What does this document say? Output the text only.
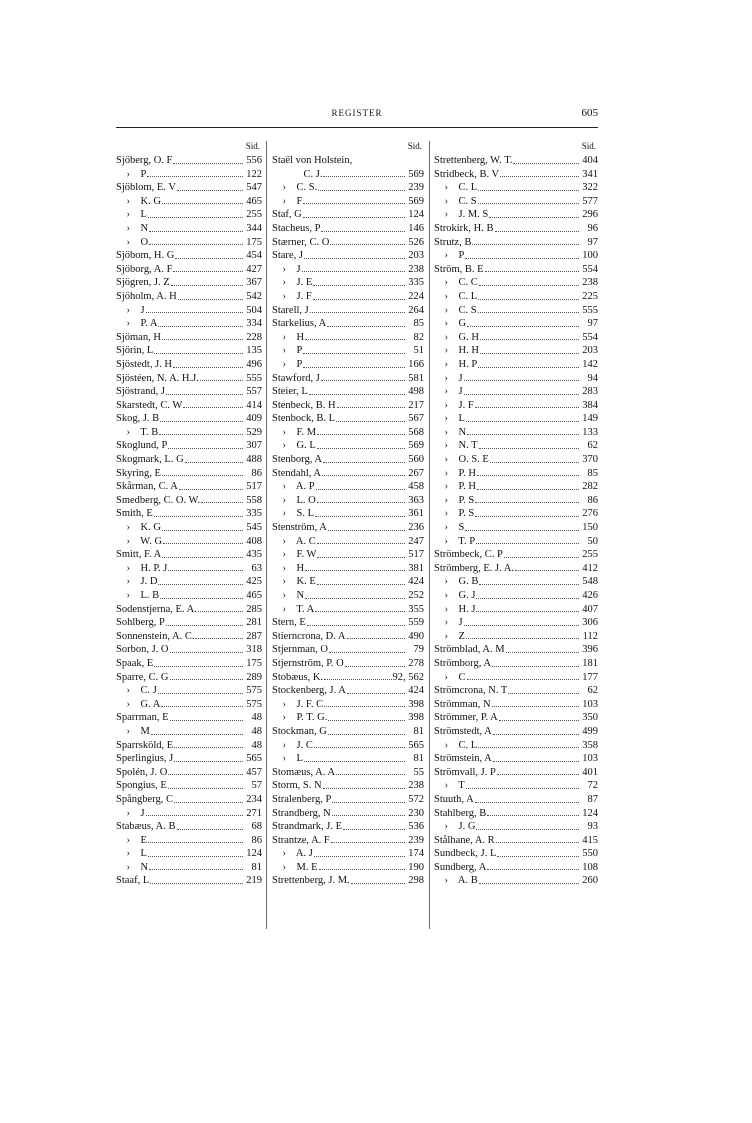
REGISTER	605
Sid.
Sjöberg, O. F	556
›    P	122
Sjöblom, E. V	547
›    K. G	465
›    L	255
›    N	344
›    O	175
Sjöbom, H. G	454
Sjöborg, A. F	427
Sjögren, J. Z	367
Sjöholm, A. H	542
›    J	504
›    P. A	334
Sjöman, H	228
Sjörin, L	135
Sjöstedt, J. H	496
Sjöstéen, N. A. H.J.	555
Sjöstrand, J	557
Skarstedt, C. W	414
Skog, J. B	409
›    T. B	529
Skoglund, P	307
Skogmark, L. G	488
Skyring, E	86
Skårman, C. A	517
Smedberg, C. O. W.	558
Smith, E	335
›    K. G	545
›    W. G	408
Smitt, F. A	435
›    H. P. J	63
›    J. D	425
›    L. B	465
Sodenstjerna, E. A.	285
Sohlberg, P	281
Sonnenstein, A. C.	287
Sorbon, J. O	318
Spaak, E	175
Sparre, C. G	289
›    C. J	575
›    G. A	575
Sparrman, E	48
›    M	48
Sparrsköld, E	48
Sperlingius, J	565
Spolén, J. O	457
Spongius, E	57
Spångberg, C	234
›    J	271
Stabæus, A. B	68
›    E	86
›    L	124
›    N	81
Staaf, L	219
Sid.
Staël von Holstein,
C. J.	569
›    C. S.	239
›    F	569
Staf, G	124
Stacheus, P	146
Stærner, C. O	526
Stare, J	203
›    J	238
›    J. E	335
›    J. F	224
Starell, J	264
Starkelius, A	85
›    H	82
›    P	51
›    P	166
Stawford, J	581
Steier, L	498
Stenbeck, B. H	217
Stenbock, B. L	567
›    F. M	568
›    G. L	569
Stenborg, A	560
Stendahl, A	267
›    A. P	458
›    L. O	363
›    S. L	361
Stenström, A	236
›    A. C	247
›    F. W	517
›    H	381
›    K. E	424
›    N	252
›    T. A	355
Stern, E	559
Stierncrona, D. A	490
Stjernman, O	79
Stjernström, P. O	278
Stobæus, K.	92, 562
Stockenberg, J. A	424
›    J. F. C	398
›    P. T. G.	398
Stockman, G	81
›    J. C	565
›    L	81
Stomæus, A. A	55
Storm, S. N	238
Stralenberg, P	572
Strandberg, N	230
Strandmark, J. E	536
Strantze, A. F	239
›    A. J	174
›    M. E	190
Strettenberg, J. M.	298
Sid.
Strettenberg, W. T.	404
Stridbeck, B. V	341
›    C. L	322
›    C. S	577
›    J. M. S	296
Strokirk, H. B	96
Strutz, B	97
›    P	100
Ström, B. E	554
›    C. C	238
›    C. L	225
›    C. S	555
›    G	97
›    G. H	554
›    H. H	203
›    H. P	142
›    J	94
›    J	283
›    J. F	384
›    L	149
›    N	133
›    N. T	62
›    O. S. E	370
›    P. H	85
›    P. H	282
›    P. S	86
›    P. S	276
›    S	150
›    T. P	50
Strömbeck, C. P	255
Strömberg, E. J. A.	412
›    G. B	548
›    G. J	426
›    H. J	407
›    J	306
›    Z	112
Strömblad, A. M	396
Strömborg, A	181
›    C	177
Strömcrona, N. T	62
Strömman, N	103
Strömmer, P. A	350
Strömstedt, A	499
›    C. L	358
Strömstein, A	103
Strömvall, J. P	401
›    T	72
Stuuth, A	87
Stahlberg, B	124
›    J. G	93
Stålhane, A. R	415
Sundbeck, J. L	550
Sundberg, A	108
›    A. B	260
